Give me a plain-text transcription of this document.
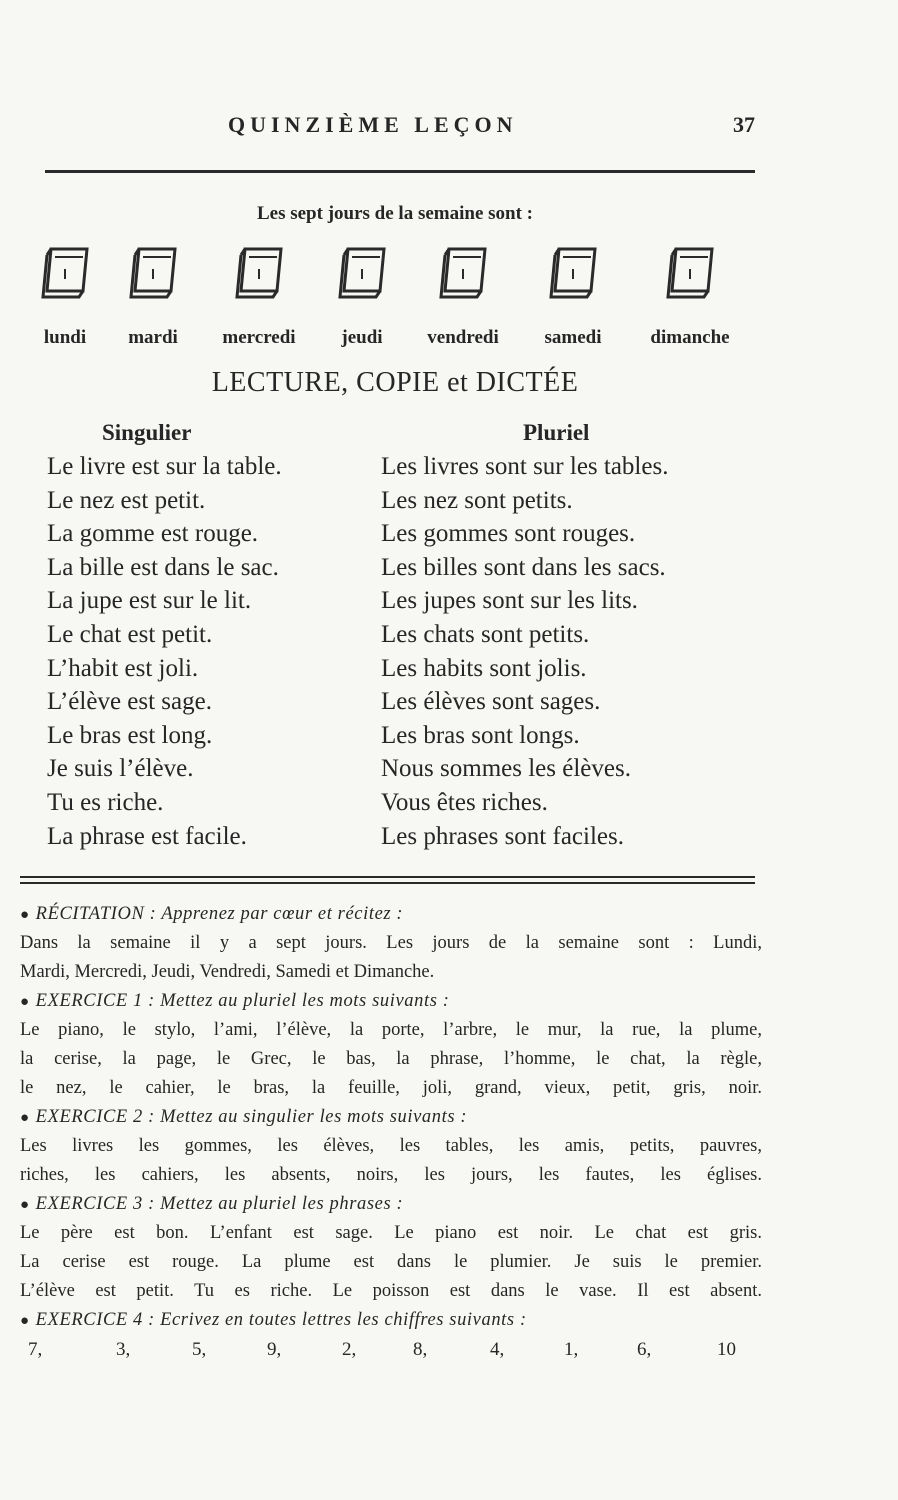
QUINZIÈME LEÇON	37
Les sept jours de la semaine sont :
lundi	mardi	mercredi	jeudi	vendredi	samedi	dimanche
LECTURE, COPIE et DICTÉE
Singulier	Pluriel
Le livre est sur la table.	Les livres sont sur les tables.
Le nez est petit.	Les nez sont petits.
La gomme est rouge.	Les gommes sont rouges.
La bille est dans le sac.	Les billes sont dans les sacs.
La jupe est sur le lit.	Les jupes sont sur les lits.
Le chat est petit.	Les chats sont petits.
L’habit est joli.	Les habits sont jolis.
L’élève est sage.	Les élèves sont sages.
Le bras est long.	Les bras sont longs.
Je suis l’élève.	Nous sommes les élèves.
Tu es riche.	Vous êtes riches.
La phrase est facile.	Les phrases sont faciles.
● RÉCITATION : Apprenez par cœur et récitez :
Dans la semaine il y a sept jours. Les jours de la semaine sont : Lundi,
Mardi, Mercredi, Jeudi, Vendredi, Samedi et Dimanche.
● EXERCICE 1 : Mettez au pluriel les mots suivants :
Le piano, le stylo, l’ami, l’élève, la porte, l’arbre, le mur, la rue, la plume,
la cerise, la page, le Grec, le bas, la phrase, l’homme, le chat, la règle,
le nez, le cahier, le bras, la feuille, joli, grand, vieux, petit, gris, noir.
● EXERCICE 2 : Mettez au singulier les mots suivants :
Les livres les gommes, les élèves, les tables, les amis, petits, pauvres,
riches, les cahiers, les absents, noirs, les jours, les fautes, les églises.
● EXERCICE 3 : Mettez au pluriel les phrases :
Le père est bon. L’enfant est sage. Le piano est noir. Le chat est gris.
La cerise est rouge. La plume est dans le plumier. Je suis le premier.
L’élève est petit. Tu es riche. Le poisson est dans le vase. Il est absent.
● EXERCICE 4 : Ecrivez en toutes lettres les chiffres suivants :
7,	3,	5,	9,	2,	8,	4,	1,	6,	10
